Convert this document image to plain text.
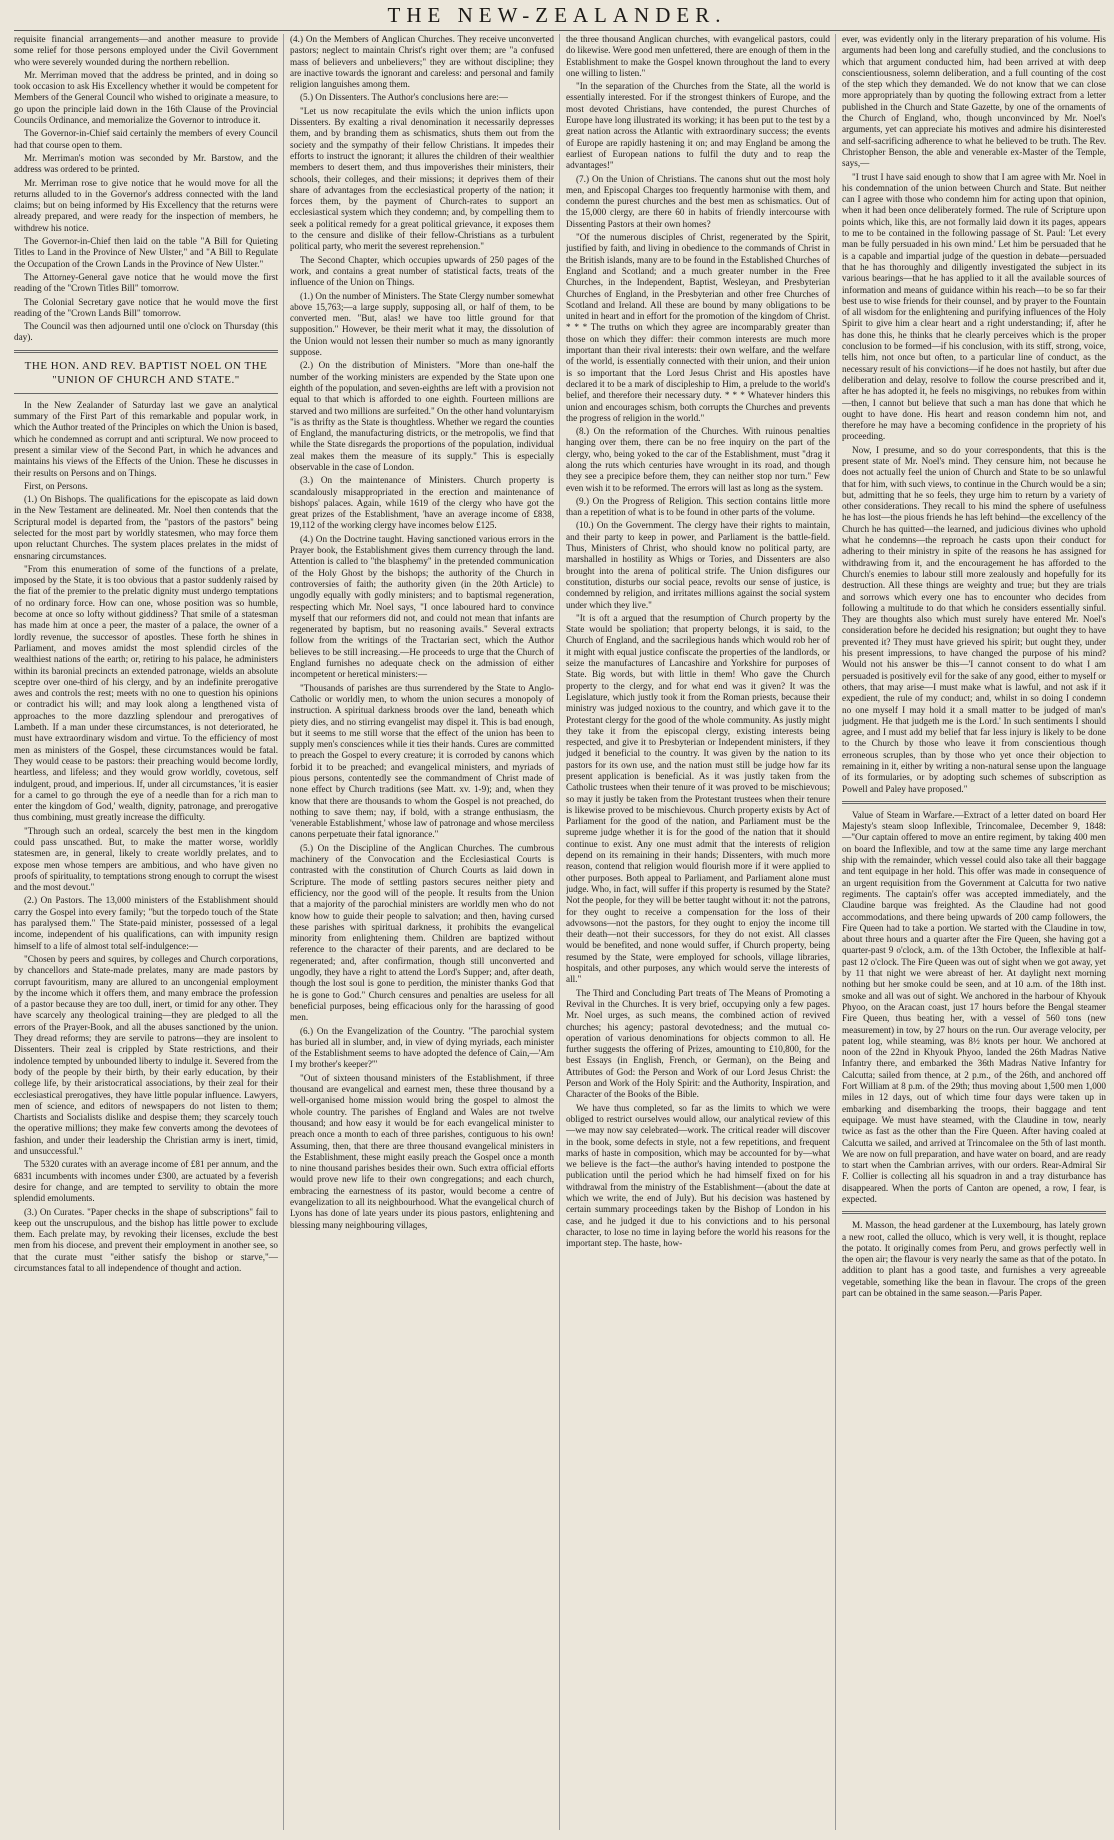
THE NEW-ZEALANDER.

requisite financial arrangements—and another measure to provide some relief for those persons employed under the Civil Government who were severely wounded during the northern rebellion.

Mr. Merriman moved that the address be printed, and in doing so took occasion to ask His Excellency whether it would be competent for Members of the General Council who wished to originate a measure, to go upon the principle laid down in the 16th Clause of the Provincial Councils Ordinance, and memorialize the Governor to introduce it.

The Governor-in-Chief said certainly the members of every Council had that course open to them.

Mr. Merriman's motion was seconded by Mr. Barstow, and the address was ordered to be printed.

Mr. Merriman rose to give notice that he would move for all the returns alluded to in the Governor's address connected with the land claims; but on being informed by His Excellency that the returns were already prepared, and were ready for the inspection of members, he withdrew his notice.

The Governor-in-Chief then laid on the table "A Bill for Quieting Titles to Land in the Province of New Ulster," and "A Bill to Regulate the Occupation of the Crown Lands in the Province of New Ulster."

The Attorney-General gave notice that he would move the first reading of the "Crown Titles Bill" tomorrow.

The Colonial Secretary gave notice that he would move the first reading of the "Crown Lands Bill" tomorrow.

The Council was then adjourned until one o'clock on Thursday (this day).

THE HON. AND REV. BAPTIST NOEL ON THE "UNION OF CHURCH AND STATE."

In the New Zealander of Saturday last we gave an analytical summary of the First Part of this remarkable and popular work, in which the Author treated of the Principles on which the Union is based, which he condemned as corrupt and anti scriptural. We now proceed to present a similar view of the Second Part, in which he advances and maintains his views of the Effects of the Union. These he discusses in their results on Persons and on Things.

First, on Persons.

(1.) On Bishops. The qualifications for the episcopate as laid down in the New Testament are delineated. Mr. Noel then contends that the Scriptural model is departed from, the "pastors of the pastors" being selected for the most part by worldly statesmen, who may force them upon reluctant Churches. The system places prelates in the midst of ensnaring circumstances.

"From this enumeration of some of the functions of a prelate, imposed by the State, it is too obvious that a pastor suddenly raised by the fiat of the premier to the prelatic dignity must undergo temptations of no ordinary force. How can one, whose position was so humble, become at once so lofty without giddiness? That smile of a statesman has made him at once a peer, the master of a palace, the owner of a lordly revenue, the successor of apostles. These forth he shines in Parliament, and moves amidst the most splendid circles of the wealthiest nations of the earth; or, retiring to his palace, he administers within its baronial precincts an extended patronage, wields an absolute sceptre over one-third of his clergy, and by an indefinite prerogative awes and controls the rest; meets with no one to question his opinions or contradict his will; and may look along a lengthened vista of approaches to the more dazzling splendour and prerogatives of Lambeth. If a man under these circumstances, is not deteriorated, he must have extraordinary wisdom and virtue. To the efficiency of most men as ministers of the Gospel, these circumstances would be fatal. They would cease to be pastors: their preaching would become lordly, heartless, and lifeless; and they would grow worldly, covetous, self indulgent, proud, and imperious. If, under all circumstances, 'it is easier for a camel to go through the eye of a needle than for a rich man to enter the kingdom of God,' wealth, dignity, patronage, and prerogative thus combining, must greatly increase the difficulty.

"Through such an ordeal, scarcely the best men in the kingdom could pass unscathed. But, to make the matter worse, worldly statesmen are, in general, likely to create worldly prelates, and to expose men whose tempers are ambitious, and who have given no proofs of spirituality, to temptations strong enough to corrupt the wisest and the most devout."

(2.) On Pastors. The 13,000 ministers of the Establishment should carry the Gospel into every family; "but the torpedo touch of the State has paralysed them." The State-paid minister, possessed of a legal income, independent of his qualifications, can with impunity resign himself to a life of almost total self-indulgence:—

"Chosen by peers and squires, by colleges and Church corporations, by chancellors and State-made prelates, many are made pastors by corrupt favouritism, many are allured to an uncongenial employment by the income which it offers them, and many embrace the profession of a pastor because they are too dull, inert, or timid for any other. They have scarcely any theological training—they are pledged to all the errors of the Prayer-Book, and all the abuses sanctioned by the union. They dread reforms; they are servile to patrons—they are insolent to Dissenters. Their zeal is crippled by State restrictions, and their indolence tempted by unbounded liberty to indulge it. Severed from the body of the people by their birth, by their early education, by their college life, by their aristocratical associations, by their zeal for their ecclesiastical prerogatives, they have little popular influence. Lawyers, men of science, and editors of newspapers do not listen to them; Chartists and Socialists dislike and despise them; they scarcely touch the operative millions; they make few converts among the devotees of fashion, and under their leadership the Christian army is inert, timid, and unsuccessful."

The 5320 curates with an average income of £81 per annum, and the 6831 incumbents with incomes under £300, are actuated by a feverish desire for change, and are tempted to servility to obtain the more splendid emoluments.

(3.) On Curates. "Paper checks in the shape of subscriptions" fail to keep out the unscrupulous, and the bishop has little power to exclude them. Each prelate may, by revoking their licenses, exclude the best men from his diocese, and prevent their employment in another see, so that the curate must "either satisfy the bishop or starve,"—circumstances fatal to all independence of thought and action.

(4.) On the Members of Anglican Churches. They receive unconverted pastors; neglect to maintain Christ's right over them; are "a confused mass of believers and unbelievers;" they are without discipline; they are inactive towards the ignorant and careless: and personal and family religion languishes among them.

(5.) On Dissenters. The Author's conclusions here are:—

"Let us now recapitulate the evils which the union inflicts upon Dissenters. By exalting a rival denomination it necessarily depresses them, and by branding them as schismatics, shuts them out from the society and the sympathy of their fellow Christians. It impedes their efforts to instruct the ignorant; it allures the children of their wealthier members to desert them, and thus impoverishes their ministers, their schools, their colleges, and their missions; it deprives them of their share of advantages from the ecclesiastical property of the nation; it forces them, by the payment of Church-rates to support an ecclesiastical system which they condemn; and, by compelling them to seek a political remedy for a great political grievance, it exposes them to the censure and dislike of their fellow-Christians as a turbulent political party, who merit the severest reprehension."

The Second Chapter, which occupies upwards of 250 pages of the work, and contains a great number of statistical facts, treats of the influence of the Union on Things.

(1.) On the number of Ministers. The State Clergy number somewhat above 15,763;—a large supply, supposing all, or half of them, to be converted men. "But, alas! we have too little ground for that supposition." However, be their merit what it may, the dissolution of the Union would not lessen their number so much as many ignorantly suppose.

(2.) On the distribution of Ministers. "More than one-half the number of the working ministers are expended by the State upon one eighth of the population, and seven-eighths are left with a provision not equal to that which is afforded to one eighth. Fourteen millions are starved and two millions are surfeited." On the other hand voluntaryism "is as thrifty as the State is thoughtless. Whether we regard the counties of England, the manufacturing districts, or the metropolis, we find that while the State disregards the proportions of the population, individual zeal makes them the measure of its supply." This is especially observable in the case of London.

(3.) On the maintenance of Ministers. Church property is scandalously misappropriated in the erection and maintenance of bishops' palaces. Again, while 1619 of the clergy who have got the great prizes of the Establishment, 'have an average income of £838, 19,112 of the working clergy have incomes below £125.

(4.) On the Doctrine taught. Having sanctioned various errors in the Prayer book, the Establishment gives them currency through the land. Attention is called to "the blasphemy" in the pretended communication of the Holy Ghost by the bishops; the authority of the Church in controversies of faith; the authority given (in the 20th Article) to ungodly equally with godly ministers; and to baptismal regeneration, respecting which Mr. Noel says, "I once laboured hard to convince myself that our reformers did not, and could not mean that infants are regenerated by baptism, but no reasoning avails." Several extracts follow from the writings of the Tractarian sect, which the Author believes to be still increasing.—He proceeds to urge that the Church of England furnishes no adequate check on the admission of either incompetent or heretical ministers:—

"Thousands of parishes are thus surrendered by the State to Anglo-Catholic or worldly men, to whom the union secures a monopoly of instruction. A spiritual darkness broods over the land, beneath which piety dies, and no stirring evangelist may dispel it. This is bad enough, but it seems to me still worse that the effect of the union has been to supply men's consciences while it ties their hands. Cures are committed to preach the Gospel to every creature; it is corroded by canons which forbid it to be preached; and evangelical ministers, and myriads of pious persons, contentedly see the commandment of Christ made of none effect by Church traditions (see Matt. xv. 1-9); and, when they know that there are thousands to whom the Gospel is not preached, do nothing to save them; nay, if bold, with a strange enthusiasm, the 'venerable Establishment,' whose law of patronage and whose merciless canons perpetuate their fatal ignorance."

(5.) On the Discipline of the Anglican Churches. The cumbrous machinery of the Convocation and the Ecclesiastical Courts is contrasted with the constitution of Church Courts as laid down in Scripture. The mode of settling pastors secures neither piety and efficiency, nor the good will of the people. It results from the Union that a majority of the parochial ministers are worldly men who do not know how to guide their people to salvation; and then, having cursed these parishes with spiritual darkness, it prohibits the evangelical minority from enlightening them. Children are baptized without reference to the character of their parents, and are declared to be regenerated; and, after confirmation, though still unconverted and ungodly, they have a right to attend the Lord's Supper; and, after death, though the lost soul is gone to perdition, the minister thanks God that he is gone to God." Church censures and penalties are useless for all beneficial purposes, being efficacious only for the harassing of good men.

(6.) On the Evangelization of the Country. "The parochial system has buried all in slumber, and, in view of dying myriads, each minister of the Establishment seems to have adopted the defence of Cain,—'Am I my brother's keeper?'"

"Out of sixteen thousand ministers of the Establishment, if three thousand are evangelical and earnest men, these three thousand by a well-organised home mission would bring the gospel to almost the whole country. The parishes of England and Wales are not twelve thousand; and how easy it would be for each evangelical minister to preach once a month to each of three parishes, contiguous to his own! Assuming, then, that there are three thousand evangelical ministers in the Establishment, these might easily preach the Gospel once a month to nine thousand parishes besides their own. Such extra official efforts would prove new life to their own congregations; and each church, embracing the earnestness of its pastor, would become a centre of evangelization to all its neighbourhood. What the evangelical church of Lyons has done of late years under its pious pastors, enlightening and blessing many neighbouring villages,

the three thousand Anglican churches, with evangelical pastors, could do likewise. Were good men unfettered, there are enough of them in the Establishment to make the Gospel known throughout the land to every one willing to listen."

"In the separation of the Churches from the State, all the world is essentially interested. For if the strongest thinkers of Europe, and the most devoted Christians, have contended, the purest Churches of Europe have long illustrated its working; it has been put to the test by a great nation across the Atlantic with extraordinary success; the events of Europe are rapidly hastening it on; and may England be among the earliest of European nations to fulfil the duty and to reap the advantages!"

(7.) On the Union of Christians. The canons shut out the most holy men, and Episcopal Charges too frequently harmonise with them, and condemn the purest churches and the best men as schismatics. Out of the 15,000 clergy, are there 60 in habits of friendly intercourse with Dissenting Pastors at their own homes?

"Of the numerous disciples of Christ, regenerated by the Spirit, justified by faith, and living in obedience to the commands of Christ in the British islands, many are to be found in the Established Churches of England and Scotland; and a much greater number in the Free Churches, in the Independent, Baptist, Wesleyan, and Presbyterian Churches of England, in the Presbyterian and other free Churches of Scotland and Ireland. All these are bound by many obligations to be united in heart and in effort for the promotion of the kingdom of Christ. * * * The truths on which they agree are incomparably greater than those on which they differ: their common interests are much more important than their rival interests: their own welfare, and the welfare of the world, is essentially connected with their union, and their union is so important that the Lord Jesus Christ and His apostles have declared it to be a mark of discipleship to Him, a prelude to the world's belief, and therefore their necessary duty. * * * Whatever hinders this union and encourages schism, both corrupts the Churches and prevents the progress of religion in the world."

(8.) On the reformation of the Churches. With ruinous penalties hanging over them, there can be no free inquiry on the part of the clergy, who, being yoked to the car of the Establishment, must "drag it along the ruts which centuries have wrought in its road, and though they see a precipice before them, they can neither stop nor turn." Few even wish it to be reformed. The errors will last as long as the system.

(9.) On the Progress of Religion. This section contains little more than a repetition of what is to be found in other parts of the volume.

(10.) On the Government. The clergy have their rights to maintain, and their party to keep in power, and Parliament is the battle-field. Thus, Ministers of Christ, who should know no political party, are marshalled in hostility as Whigs or Tories, and Dissenters are also brought into the arena of political strife. The Union disfigures our constitution, disturbs our social peace, revolts our sense of justice, is condemned by religion, and irritates millions against the social system under which they live."

"It is oft a argued that the resumption of Church property by the State would be spoliation; that property belongs, it is said, to the Church of England, and the sacrilegious hands which would rob her of it might with equal justice confiscate the properties of the landlords, or seize the manufactures of Lancashire and Yorkshire for purposes of State. Big words, but with little in them! Who gave the Church property to the clergy, and for what end was it given? It was the Legislature, which justly took it from the Roman priests, because their ministry was judged noxious to the country, and which gave it to the Protestant clergy for the good of the whole community. As justly might they take it from the episcopal clergy, existing interests being respected, and give it to Presbyterian or Independent ministers, if they judged it beneficial to the country. It was given by the nation to its pastors for its own use, and the nation must still be judge how far its present application is beneficial. As it was justly taken from the Catholic trustees when their tenure of it was proved to be mischievous; so may it justly be taken from the Protestant trustees when their tenure is likewise proved to be mischievous. Church property exists by Act of Parliament for the good of the nation, and Parliament must be the supreme judge whether it is for the good of the nation that it should continue to exist. Any one must admit that the interests of religion depend on its remaining in their hands; Dissenters, with much more reason, contend that religion would flourish more if it were applied to other purposes. Both appeal to Parliament, and Parliament alone must judge. Who, in fact, will suffer if this property is resumed by the State? Not the people, for they will be better taught without it: not the patrons, for they ought to receive a compensation for the loss of their advowsons—not the pastors, for they ought to enjoy the income till their death—not their successors, for they do not exist. All classes would be benefited, and none would suffer, if Church property, being resumed by the State, were employed for schools, village libraries, hospitals, and other purposes, any which would serve the interests of all."

The Third and Concluding Part treats of The Means of Promoting a Revival in the Churches. It is very brief, occupying only a few pages. Mr. Noel urges, as such means, the combined action of revived churches; his agency; pastoral devotedness; and the mutual co-operation of various denominations for objects common to all. He further suggests the offering of Prizes, amounting to £10,800, for the best Essays (in English, French, or German), on the Being and Attributes of God: the Person and Work of our Lord Jesus Christ: the Person and Work of the Holy Spirit: and the Authority, Inspiration, and Character of the Books of the Bible.

We have thus completed, so far as the limits to which we were obliged to restrict ourselves would allow, our analytical review of this—we may now say celebrated—work. The critical reader will discover in the book, some defects in style, not a few repetitions, and frequent marks of haste in composition, which may be accounted for by—what we believe is the fact—the author's having intended to postpone the publication until the period which he had himself fixed on for his withdrawal from the ministry of the Establishment—(about the date at which we write, the end of July). But his decision was hastened by certain summary proceedings taken by the Bishop of London in his case, and he judged it due to his convictions and to his personal character, to lose no time in laying before the world his reasons for the important step. The haste, how-

ever, was evidently only in the literary preparation of his volume. His arguments had been long and carefully studied, and the conclusions to which that argument conducted him, had been arrived at with deep conscientiousness, solemn deliberation, and a full counting of the cost of the step which they demanded. We do not know that we can close more appropriately than by quoting the following extract from a letter published in the Church and State Gazette, by one of the ornaments of the Church of England, who, though unconvinced by Mr. Noel's arguments, yet can appreciate his motives and admire his disinterested and self-sacrificing adherence to what he believed to be truth. The Rev. Christopher Benson, the able and venerable ex-Master of the Temple, says,—

"I trust I have said enough to show that I am agree with Mr. Noel in his condemnation of the union between Church and State. But neither can I agree with those who condemn him for acting upon that opinion, when it had been once deliberately formed. The rule of Scripture upon points which, like this, are not formally laid down it its pages, appears to me to be contained in the following passage of St. Paul: 'Let every man be fully persuaded in his own mind.' Let him be persuaded that he is a capable and impartial judge of the question in debate—persuaded that he has thoroughly and diligently investigated the subject in its various bearings—that he has applied to it all the available sources of information and means of guidance within his reach—to be so far their best use to wise friends for their counsel, and by prayer to the Fountain of all wisdom for the enlightening and purifying influences of the Holy Spirit to give him a clear heart and a right understanding; if, after he has done this, he thinks that he clearly perceives which is the proper conclusion to be formed—if his conclusion, with its stiff, strong, voice, tells him, not once but often, to a particular line of conduct, as the necessary result of his convictions—if he does not hastily, but after due deliberation and delay, resolve to follow the course prescribed and it, after he has adopted it, he feels no misgivings, no rebukes from within—then, I cannot but believe that such a man has done that which he ought to have done. His heart and reason condemn him not, and therefore he may have a becoming confidence in the propriety of his proceeding.

Now, I presume, and so do your correspondents, that this is the present state of Mr. Noel's mind. They censure him, not because he does not actually feel the union of Church and State to be so unlawful that for him, with such views, to continue in the Church would be a sin; but, admitting that he so feels, they urge him to return by a variety of other considerations. They recall to his mind the sphere of usefulness he has lost—the pious friends he has left behind—the excellency of the Church he has quitted—the learned, and judicious divines who uphold what he condemns—the reproach he casts upon their conduct for adhering to their ministry in spite of the reasons he has assigned for withdrawing from it, and the encouragement he has afforded to the Church's enemies to labour still more zealously and hopefully for its destruction. All these things are weighty and true; but they are trials and sorrows which every one has to encounter who decides from following a multitude to do that which he considers essentially sinful. They are thoughts also which must surely have entered Mr. Noel's consideration before he decided his resignation; but ought they to have prevented it? They must have grieved his spirit; but ought they, under his present impressions, to have changed the purpose of his mind? Would not his answer be this—'I cannot consent to do what I am persuaded is positively evil for the sake of any good, either to myself or others, that may arise—I must make what is lawful, and not ask if it expedient, the rule of my conduct; and, whilst in so doing I condemn no one myself I may hold it a small matter to be judged of man's judgment. He that judgeth me is the Lord.' In such sentiments I should agree, and I must add my belief that far less injury is likely to be done to the Church by those who leave it from conscientious though erroneous scruples, than by those who yet once their objection to remaining in it, either by writing a non-natural sense upon the language of its formularies, or by adopting such schemes of subscription as Powell and Paley have proposed."

Value of Steam in Warfare.—Extract of a letter dated on board Her Majesty's steam sloop Inflexible, Trincomalee, December 9, 1848:—"Our captain offered to move an entire regiment, by taking 400 men on board the Inflexible, and tow at the same time any large merchant ship with the remainder, which vessel could also take all their baggage and tent equipage in her hold. This offer was made in consequence of an urgent requisition from the Government at Calcutta for two native regiments. The captain's offer was accepted immediately, and the Claudine barque was freighted. As the Claudine had not good accommodations, and there being upwards of 200 camp followers, the Fire Queen had to take a portion. We started with the Claudine in tow, about three hours and a quarter after the Fire Queen, she having got a quarter-past 9 o'clock, a.m. of the 13th October, the Inflexible at half-past 12 o'clock. The Fire Queen was out of sight when we got away, yet by 11 that night we were abreast of her. At daylight next morning nothing but her smoke could be seen, and at 10 a.m. of the 18th inst. smoke and all was out of sight. We anchored in the harbour of Khyouk Phyoo, on the Aracan coast, just 17 hours before the Bengal steamer Fire Queen, thus beating her, with a vessel of 560 tons (new measurement) in tow, by 27 hours on the run. Our average velocity, per patent log, while steaming, was 8½ knots per hour. We anchored at noon of the 22nd in Khyouk Phyoo, landed the 26th Madras Native Infantry there, and embarked the 36th Madras Native Infantry for Calcutta; sailed from thence, at 2 p.m., of the 26th, and anchored off Fort William at 8 p.m. of the 29th; thus moving about 1,500 men 1,000 miles in 12 days, out of which time four days were taken up in embarking and disembarking the troops, their baggage and tent equipage. We must have steamed, with the Claudine in tow, nearly twice as fast as the other than the Fire Queen. After having coaled at Calcutta we sailed, and arrived at Trincomalee on the 5th of last month. We are now on full preparation, and have water on board, and are ready to start when the Cambrian arrives, with our orders. Rear-Admiral Sir F. Collier is collecting all his squadron in and a tray disturbance has disappeared. When the ports of Canton are opened, a row, I fear, is expected.

M. Masson, the head gardener at the Luxembourg, has lately grown a new root, called the olluco, which is very well, it is thought, replace the potato. It originally comes from Peru, and grows perfectly well in the open air; the flavour is very nearly the same as that of the potato. In addition to plant has a good taste, and furnishes a very agreeable vegetable, something like the bean in flavour. The crops of the green part can be obtained in the same season.—Paris Paper.
